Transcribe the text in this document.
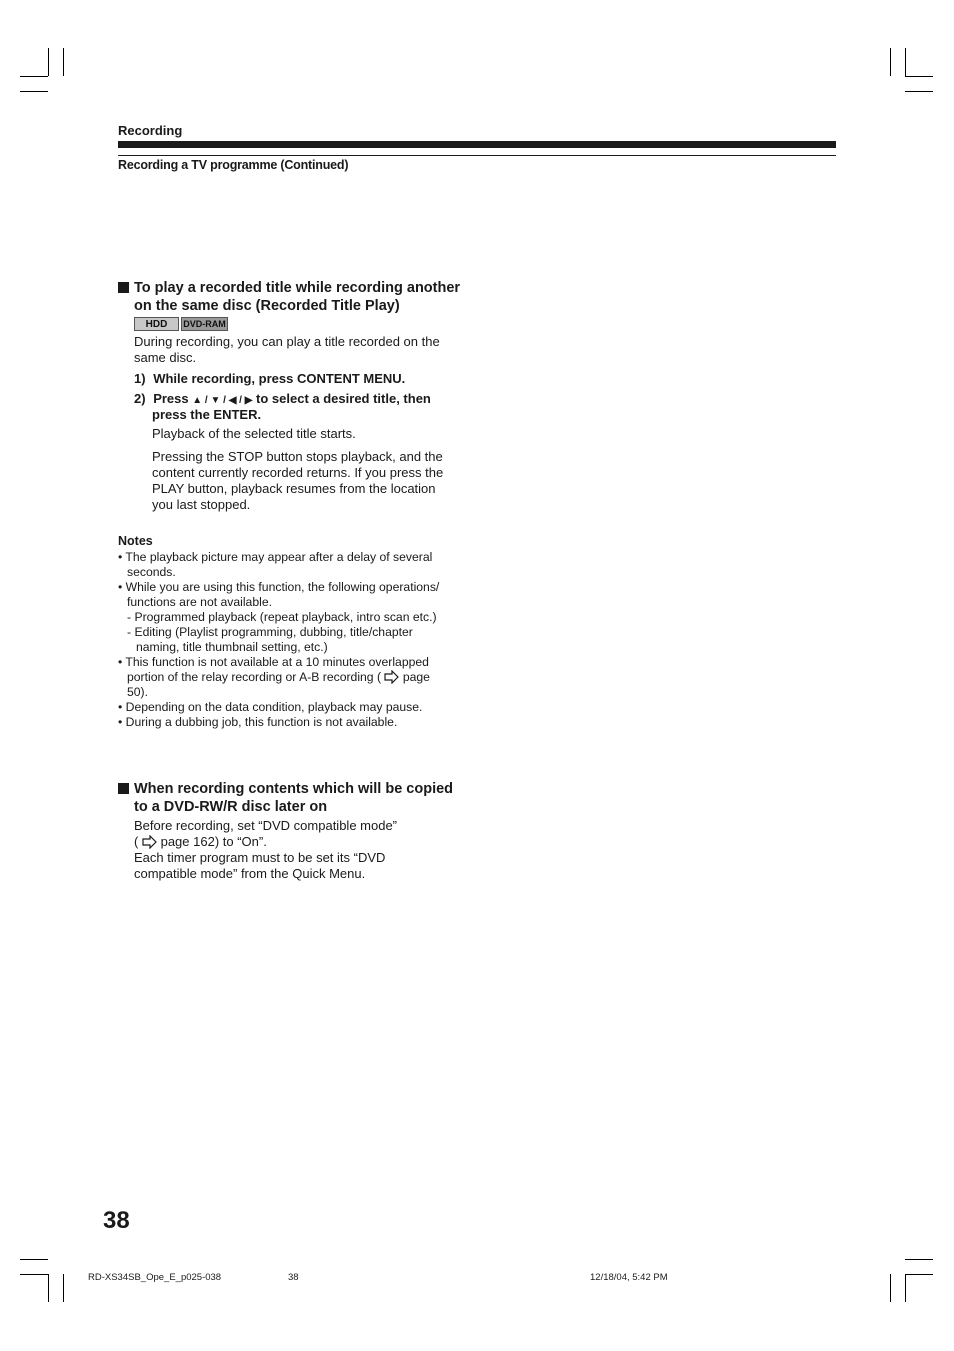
Recording
Recording a TV programme (Continued)
To play a recorded title while recording another
on the same disc (Recorded Title Play)
HDD	DVD-RAM
During recording, you can play a title recorded on the
same disc.
1) While recording, press CONTENT MENU.
2) Press ▲ / ▼ / ◀ / ▶ to select a desired title, then
press the ENTER.
Playback of the selected title starts.
Pressing the STOP button stops playback, and the
content currently recorded returns. If you press the
PLAY button, playback resumes from the location
you last stopped.
Notes
• The playback picture may appear after a delay of several
seconds.
• While you are using this function, the following operations/
functions are not available.
- Programmed playback (repeat playback, intro scan etc.)
- Editing (Playlist programming, dubbing, title/chapter
naming, title thumbnail setting, etc.)
• This function is not available at a 10 minutes overlapped
portion of the relay recording or A-B recording ( page
50).
• Depending on the data condition, playback may pause.
• During a dubbing job, this function is not available.
When recording contents which will be copied
to a DVD-RW/R disc later on
Before recording, set “DVD compatible mode”
( page 162) to “On”.
Each timer program must to be set its “DVD
compatible mode” from the Quick Menu.
38
RD-XS34SB_Ope_E_p025-038	38	12/18/04, 5:42 PM
